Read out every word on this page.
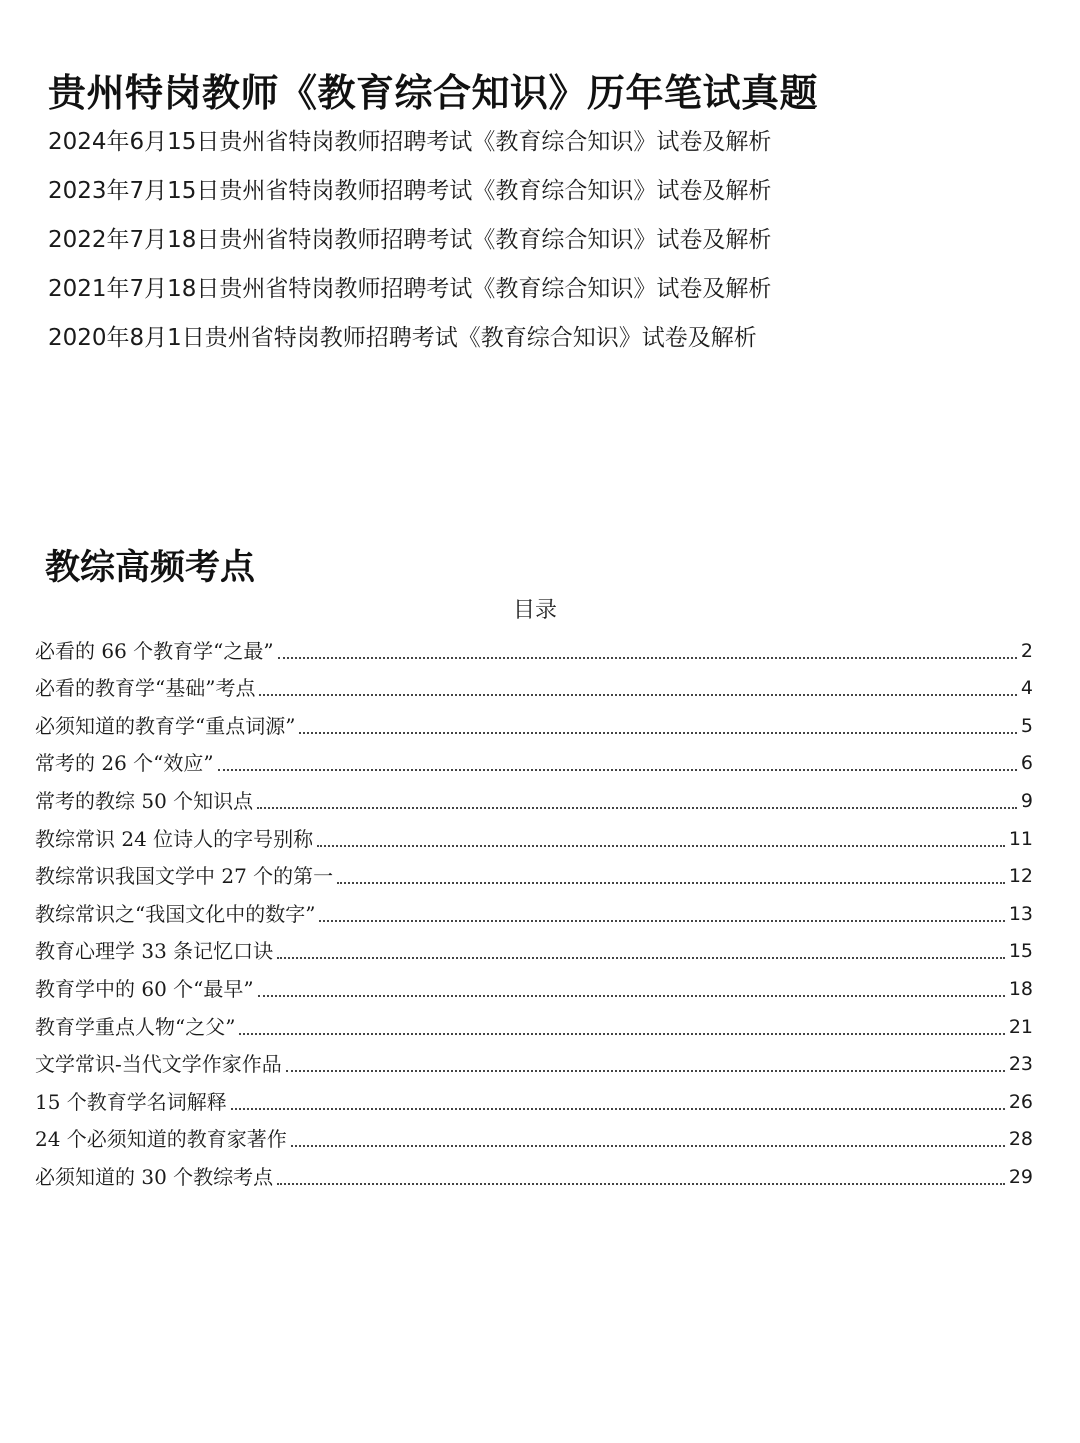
贵州特岗教师《教育综合知识》历年笔试真题
2024年6月15日贵州省特岗教师招聘考试《教育综合知识》试卷及解析
2023年7月15日贵州省特岗教师招聘考试《教育综合知识》试卷及解析
2022年7月18日贵州省特岗教师招聘考试《教育综合知识》试卷及解析
2021年7月18日贵州省特岗教师招聘考试《教育综合知识》试卷及解析
2020年8月1日贵州省特岗教师招聘考试《教育综合知识》试卷及解析
教综高频考点
目录
必看的 66 个教育学“之最”	2
必看的教育学“基础”考点	4
必须知道的教育学“重点词源”	5
常考的 26 个“效应”	6
常考的教综 50 个知识点	9
教综常识 24 位诗人的字号别称	11
教综常识我国文学中 27 个的第一	12
教综常识之“我国文化中的数字”	13
教育心理学 33 条记忆口诀	15
教育学中的 60 个“最早”	18
教育学重点人物“之父”	21
文学常识-当代文学作家作品	23
15 个教育学名词解释	26
24 个必须知道的教育家著作	28
必须知道的 30 个教综考点	29
